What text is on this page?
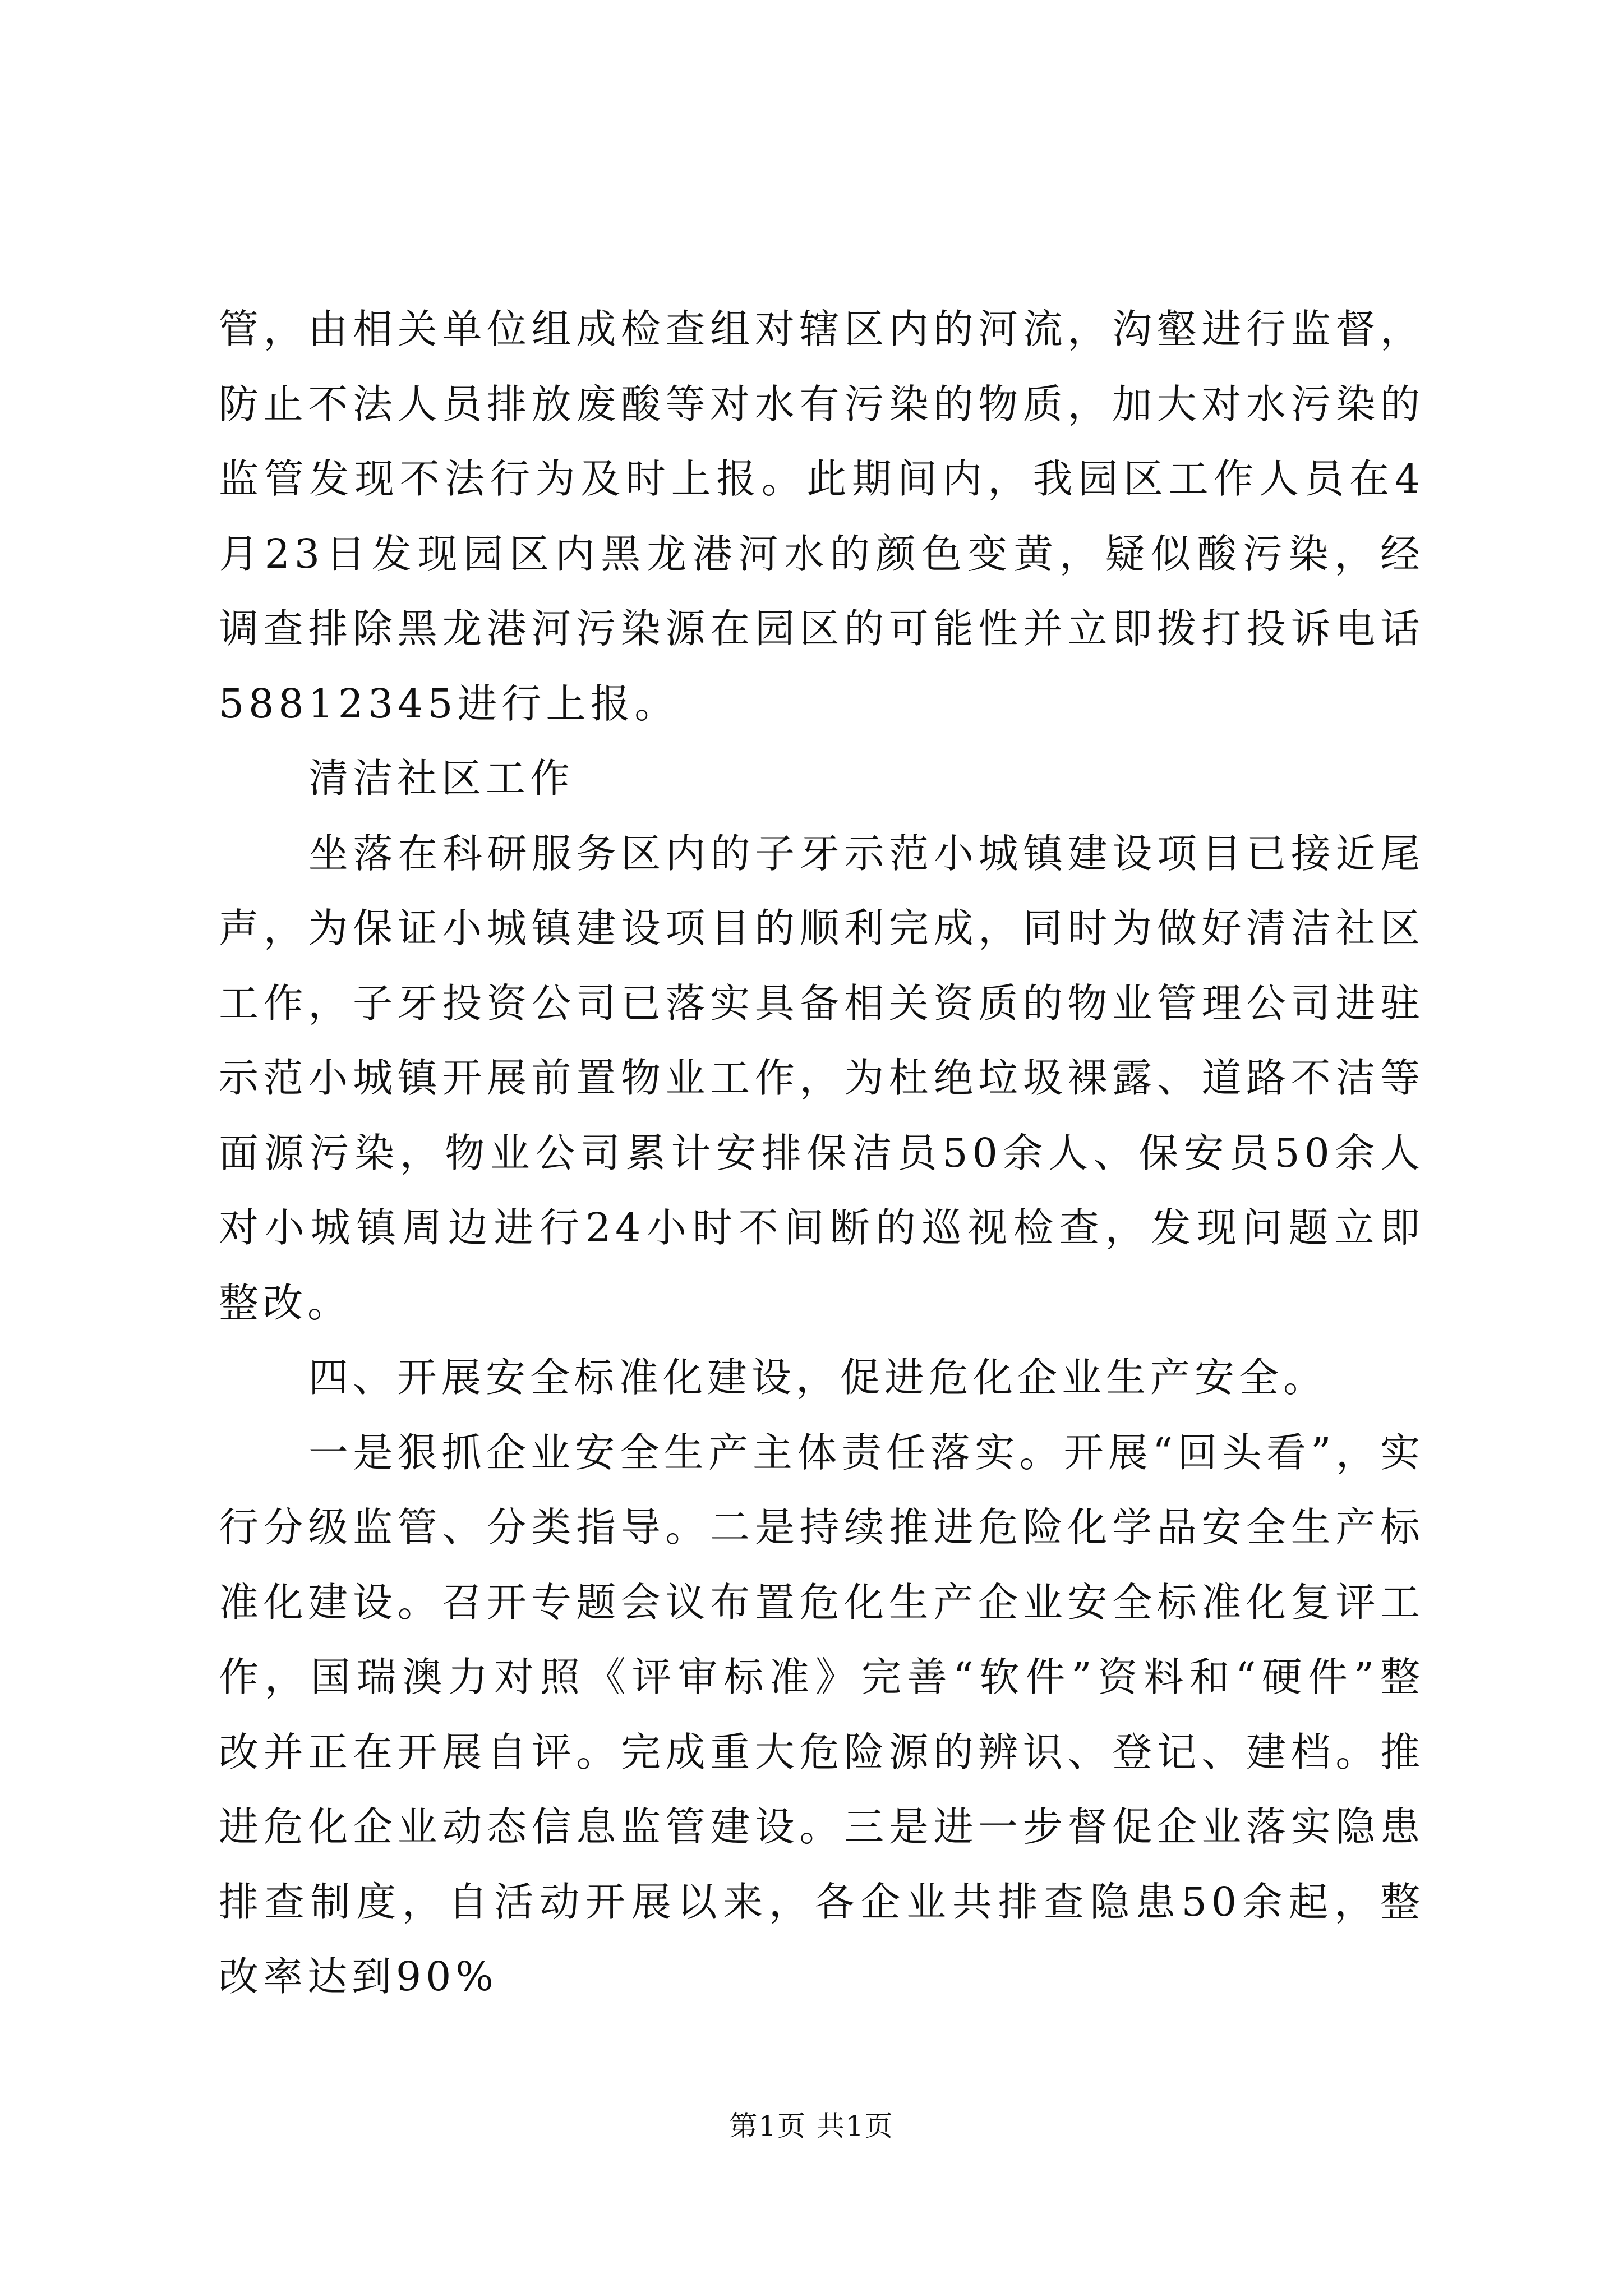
管，由相关单位组成检查组对辖区内的河流，沟壑进行监督，防止不法人员排放废酸等对水有污染的物质，加大对水污染的监管发现不法行为及时上报。此期间内，我园区工作人员在4月23日发现园区内黑龙港河水的颜色变黄，疑似酸污染，经调查排除黑龙港河污染源在园区的可能性并立即拨打投诉电话58812345进行上报。

清洁社区工作

坐落在科研服务区内的子牙示范小城镇建设项目已接近尾声，为保证小城镇建设项目的顺利完成，同时为做好清洁社区工作，子牙投资公司已落实具备相关资质的物业管理公司进驻示范小城镇开展前置物业工作，为杜绝垃圾裸露、道路不洁等面源污染，物业公司累计安排保洁员50余人、保安员50余人对小城镇周边进行24小时不间断的巡视检查，发现问题立即整改。

四、开展安全标准化建设，促进危化企业生产安全。

一是狠抓企业安全生产主体责任落实。开展“回头看”，实行分级监管、分类指导。二是持续推进危险化学品安全生产标准化建设。召开专题会议布置危化生产企业安全标准化复评工作，国瑞澳力对照《评审标准》完善“软件”资料和“硬件”整改并正在开展自评。完成重大危险源的辨识、登记、建档。推进危化企业动态信息监管建设。三是进一步督促企业落实隐患排查制度，自活动开展以来，各企业共排查隐患50余起，整改率达到90%

第1页 共1页
